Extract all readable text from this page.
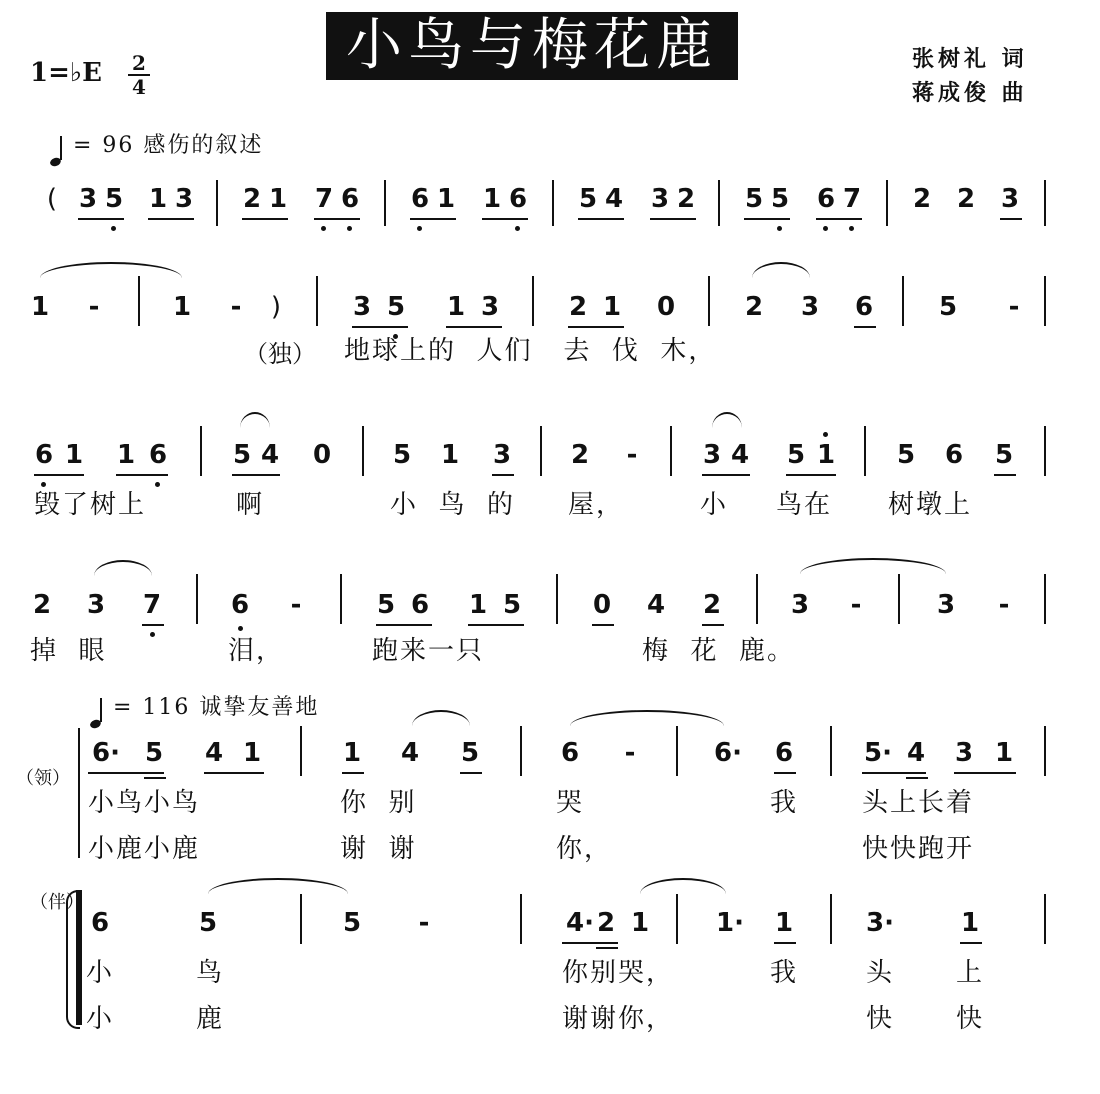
小鸟与梅花鹿
1=♭E 2
4
张树礼 词
蒋成俊 曲
= 96 感伤的叙述
( 3 5 1 3 2 1 7 6 6 1 1 6 5 4 3 2 5 5 6 7 2 2 3
1 -	1 - )	3 5 1 3	2 1 0	2 3 6	5 -
（独） 地球上的  人们   去  伐  木，
6 1 1 6	5 4 0 5 1 3 2 -	3 4 5 1 5 6 5
毁了树上	啊	小  鸟  的 屋，	小 鸟在 树墩上
2 3 7	6 -	5 6 1 5	0 4 2	3 -	3 -
掉  眼	泪，	跑来一只	梅  花  鹿。
= 116 诚挚友善地
（领）
6· 5 4 1	1 4 5	6 -	6· 6	5· 4 3 1
小鸟小鸟	你  别	哭	我 头上长着
小鹿小鹿	谢  谢	你，	快快跑开
（伴）
6	5	5 -	4· 2 1	1· 1	3·	1
小	鸟	你别哭，	我	头 上
小	鹿	谢谢你，	快 快
